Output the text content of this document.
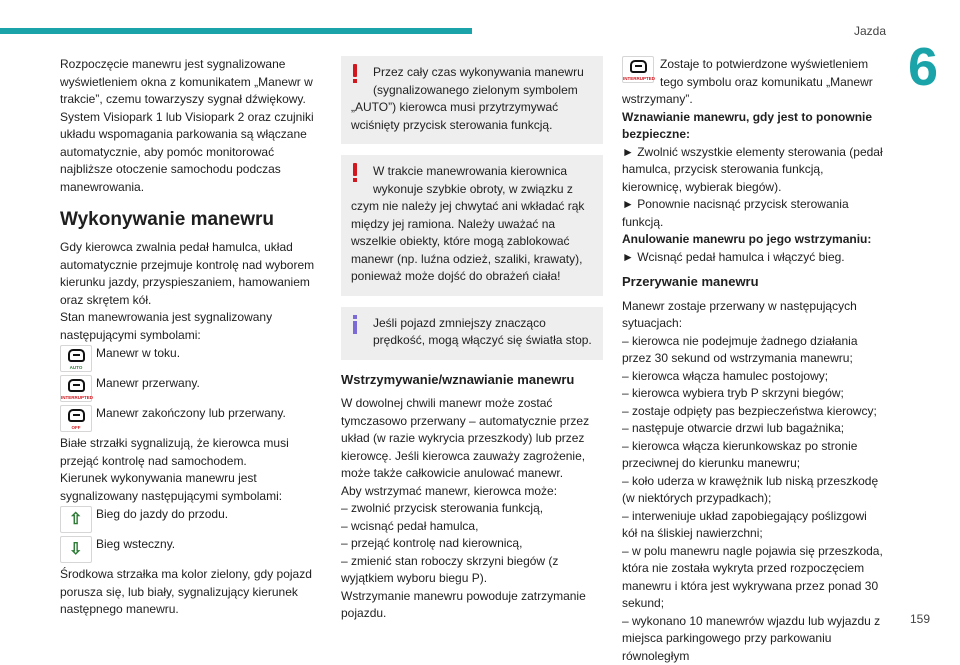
Jazda
6
159

Rozpoczęcie manewru jest sygnalizowane wyświetleniem okna z komunikatem „Manewr w trakcie”, czemu towarzyszy sygnał dźwiękowy. System Visiopark 1 lub Visiopark 2 oraz czujniki układu wspomagania parkowania są włączane automatycznie, aby pomóc monitorować najbliższe otoczenie samochodu podczas manewrowania.

Wykonywanie manewru

Gdy kierowca zwalnia pedał hamulca, układ automatycznie przejmuje kontrolę nad wyborem kierunku jazdy, przyspieszaniem, hamowaniem oraz skrętem kół.

Stan manewrowania jest sygnalizowany następującymi symbolami:

AUTO
Manewr w toku.
INTERRUPTED
Manewr przerwany.
OFF
Manewr zakończony lub przerwany.

Białe strzałki sygnalizują, że kierowca musi przejąć kontrolę nad samochodem.

Kierunek wykonywania manewru jest sygnalizowany następującymi symbolami:

⇧ Bieg do jazdy do przodu.
⇩ Bieg wsteczny.

Środkowa strzałka ma kolor zielony, gdy pojazd porusza się, lub biały, sygnalizujący kierunek następnego manewru.

Przez cały czas wykonywania manewru (sygnalizowanego zielonym symbolem „AUTO”) kierowca musi przytrzymywać wciśnięty przycisk sterowania funkcją.
W trakcie manewrowania kierownica wykonuje szybkie obroty, w związku z czym nie należy jej chwytać ani wkładać rąk między jej ramiona. Należy uważać na wszelkie obiekty, które mogą zablokować manewr (np. luźna odzież, szaliki, krawaty), ponieważ może dojść do obrażeń ciała!
Jeśli pojazd zmniejszy znacząco prędkość, mogą włączyć się światła stop.
Wstrzymywanie/wznawianie manewru

W dowolnej chwili manewr może zostać tymczasowo przerwany – automatycznie przez układ (w razie wykrycia przeszkody) lub przez kierowcę. Jeśli kierowca zauważy zagrożenie, może także całkowicie anulować manewr.

Aby wstrzymać manewr, kierowca może:

– zwolnić przycisk sterowania funkcją,

– wcisnąć pedał hamulca,

– przejąć kontrolę nad kierownicą,

– zmienić stan roboczy skrzyni biegów (z wyjątkiem wyboru biegu P).

Wstrzymanie manewru powoduje zatrzymanie pojazdu.

INTERRUPTED
Zostaje to potwierdzone wyświetleniem tego symbolu oraz komunikatu „Manewr wstrzymany”.

Wznawianie manewru, gdy jest to ponownie bezpieczne:

► Zwolnić wszystkie elementy sterowania (pedał hamulca, przycisk sterowania funkcją, kierownicę, wybierak biegów).

► Ponownie nacisnąć przycisk sterowania funkcją.

Anulowanie manewru po jego wstrzymaniu:

► Wcisnąć pedał hamulca i włączyć bieg.

Przerywanie manewru

Manewr zostaje przerwany w następujących sytuacjach:

– kierowca nie podejmuje żadnego działania przez 30 sekund od wstrzymania manewru;

– kierowca włącza hamulec postojowy;

– kierowca wybiera tryb P skrzyni biegów;

– zostaje odpięty pas bezpieczeństwa kierowcy;

– następuje otwarcie drzwi lub bagażnika;

– kierowca włącza kierunkowskaz po stronie przeciwnej do kierunku manewru;

– koło uderza w krawężnik lub niską przeszkodę (w niektórych przypadkach);

– interweniuje układ zapobiegający poślizgowi kół na śliskiej nawierzchni;

– w polu manewru nagle pojawia się przeszkoda, która nie została wykryta przed rozpoczęciem manewru i która jest wykrywana przez ponad 30 sekund;

– wykonano 10 manewrów wjazdu lub wyjazdu z miejsca parkingowego przy parkowaniu równoległym
